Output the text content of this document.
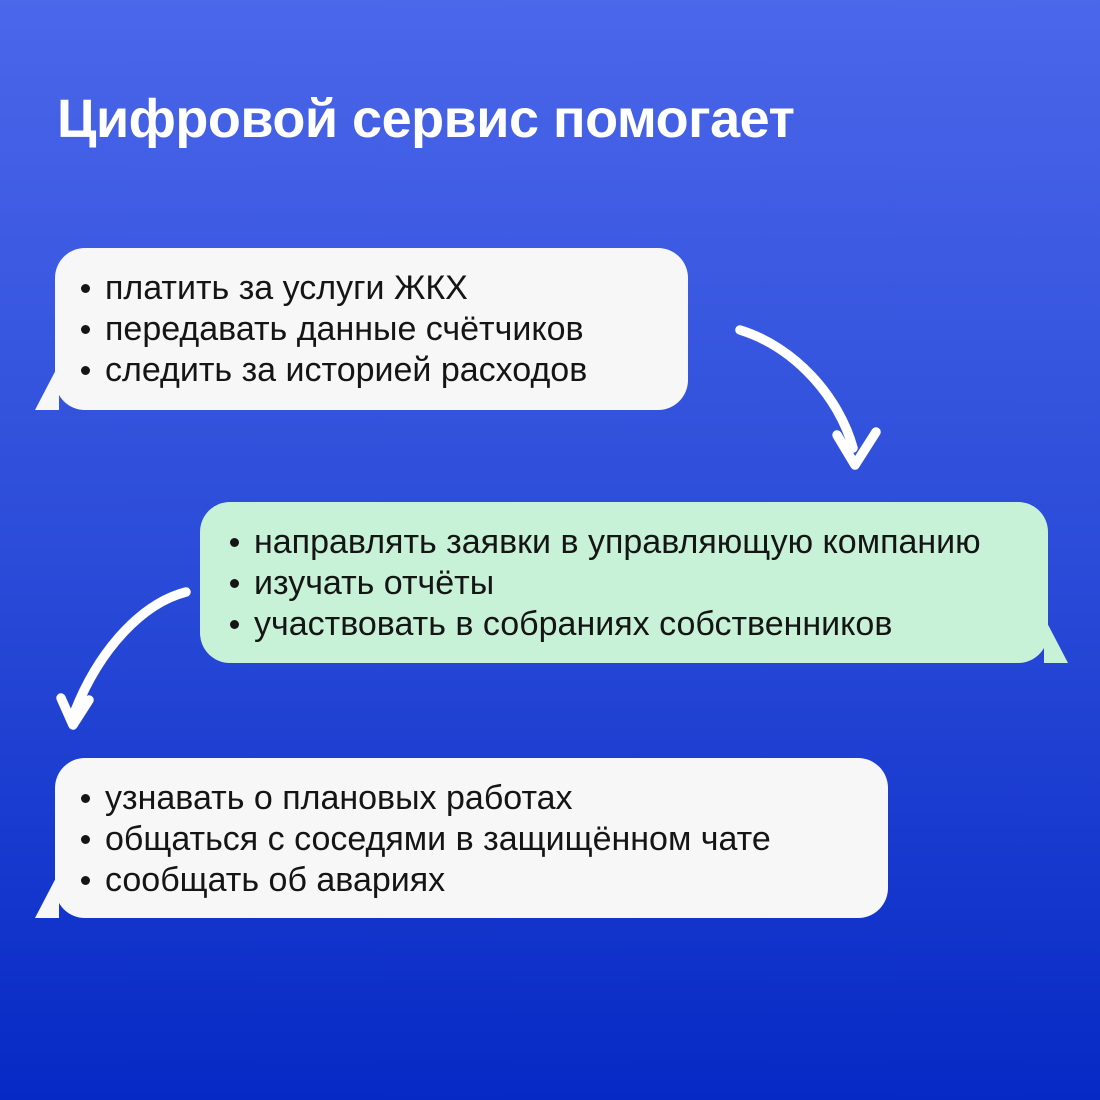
Цифровой сервис помогает
платить за услуги ЖКХ
передавать данные счётчиков
следить за историей расходов
направлять заявки в управляющую компанию
изучать отчёты
участвовать в собраниях собственников
узнавать о плановых работах
общаться с соседями в защищённом чате
сообщать об авариях
